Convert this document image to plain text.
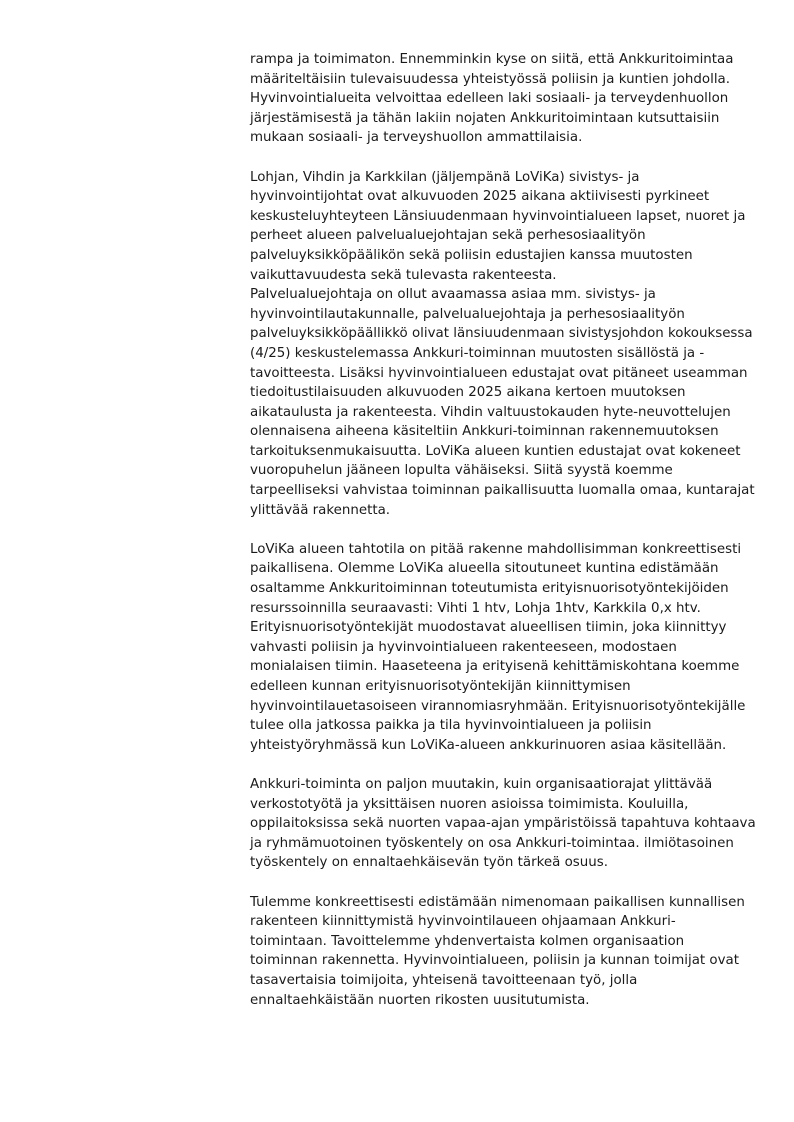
rampa ja toimimaton. Ennemminkin kyse on siitä, että Ankkuritoimintaa
määriteltäisiin tulevaisuudessa yhteistyössä poliisin ja kuntien johdolla.
Hyvinvointialueita velvoittaa edelleen laki sosiaali- ja terveydenhuollon
järjestämisestä ja tähän lakiin nojaten Ankkuritoimintaan kutsuttaisiin
mukaan sosiaali- ja terveyshuollon ammattilaisia.

Lohjan, Vihdin ja Karkkilan (jäljempänä LoViKa) sivistys- ja
hyvinvointijohtat ovat alkuvuoden 2025 aikana aktiivisesti pyrkineet
keskusteluyhteyteen Länsiuudenmaan hyvinvointialueen lapset, nuoret ja
perheet alueen palvelualuejohtajan sekä perhesosiaalityön
palveluyksikköpäälikön sekä poliisin edustajien kanssa muutosten
vaikuttavuudesta sekä tulevasta rakenteesta.
Palvelualuejohtaja on ollut avaamassa asiaa mm. sivistys- ja
hyvinvointilautakunnalle, palvelualuejohtaja ja perhesosiaalityön
palveluyksikköpäällikkö olivat länsiuudenmaan sivistysjohdon kokouksessa
(4/25) keskustelemassa Ankkuri-toiminnan muutosten sisällöstä ja -
tavoitteesta. Lisäksi hyvinvointialueen edustajat ovat pitäneet useamman
tiedoitustilaisuuden alkuvuoden 2025 aikana kertoen muutoksen
aikataulusta ja rakenteesta. Vihdin valtuustokauden hyte-neuvottelujen
olennaisena aiheena käsiteltiin Ankkuri-toiminnan rakennemuutoksen
tarkoituksenmukaisuutta. LoViKa alueen kuntien edustajat ovat kokeneet
vuoropuhelun jääneen lopulta vähäiseksi. Siitä syystä koemme
tarpeelliseksi vahvistaa toiminnan paikallisuutta luomalla omaa, kuntarajat
ylittävää rakennetta.

LoViKa alueen tahtotila on pitää rakenne mahdollisimman konkreettisesti
paikallisena. Olemme LoViKa alueella sitoutuneet kuntina edistämään
osaltamme Ankkuritoiminnan toteutumista erityisnuorisotyöntekijöiden
resurssoinnilla seuraavasti: Vihti 1 htv, Lohja 1htv, Karkkila 0,x htv.
Erityisnuorisotyöntekijät muodostavat alueellisen tiimin, joka kiinnittyy
vahvasti poliisin ja hyvinvointialueen rakenteeseen, modostaen
monialaisen tiimin. Haaseteena ja erityisenä kehittämiskohtana koemme
edelleen kunnan erityisnuorisotyöntekijän kiinnittymisen
hyvinvointilauetasoiseen virannomiasryhmään. Erityisnuorisotyöntekijälle
tulee olla jatkossa paikka ja tila hyvinvointialueen ja poliisin
yhteistyöryhmässä kun LoViKa-alueen ankkurinuoren asiaa käsitellään.

Ankkuri-toiminta on paljon muutakin, kuin organisaatiorajat ylittävää
verkostotyötä ja yksittäisen nuoren asioissa toimimista. Kouluilla,
oppilaitoksissa sekä nuorten vapaa-ajan ympäristöissä tapahtuva kohtaava
ja ryhmämuotoinen työskentely on osa Ankkuri-toimintaa. ilmiötasoinen
työskentely on ennaltaehkäisevän työn tärkeä osuus.

Tulemme konkreettisesti edistämään nimenomaan paikallisen kunnallisen
rakenteen kiinnittymistä hyvinvointilaueen ohjaamaan Ankkuri-
toimintaan. Tavoittelemme yhdenvertaista kolmen organisaation
toiminnan rakennetta. Hyvinvointialueen, poliisin ja kunnan toimijat ovat
tasavertaisia toimijoita, yhteisenä tavoitteenaan työ, jolla
ennaltaehkäistään nuorten rikosten uusitutumista.
